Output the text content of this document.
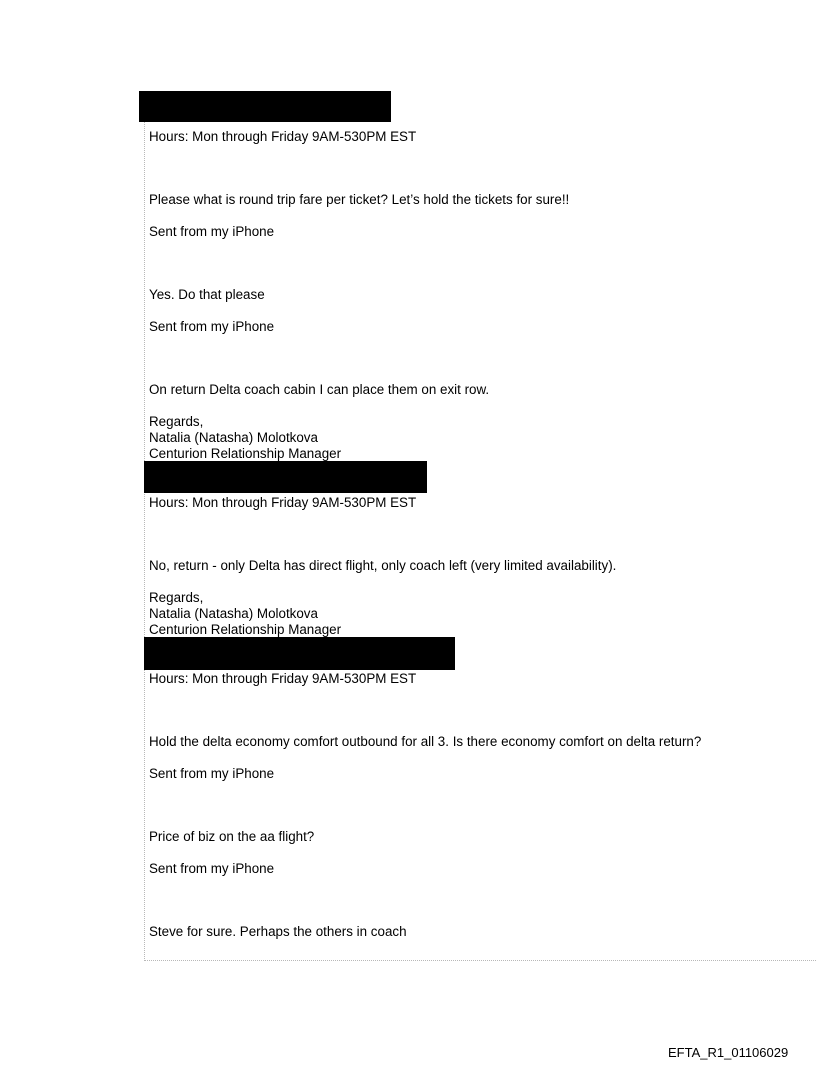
Hours: Mon through Friday 9AM-530PM EST
Please what is round trip fare per ticket? Let’s hold the tickets for sure!!
Sent from my iPhone
Yes. Do that please
Sent from my iPhone
On return Delta coach cabin I can place them on exit row.
Regards,
Natalia (Natasha) Molotkova
Centurion Relationship Manager
Hours: Mon through Friday 9AM-530PM EST
No, return - only Delta has direct flight, only coach left (very limited availability).
Regards,
Natalia (Natasha) Molotkova
Centurion Relationship Manager
Hours: Mon through Friday 9AM-530PM EST
Hold the delta economy comfort outbound for all 3. Is there economy comfort on delta return?
Sent from my iPhone
Price of biz on the aa flight?
Sent from my iPhone
Steve for sure. Perhaps the others in coach
EFTA_R1_01106029
